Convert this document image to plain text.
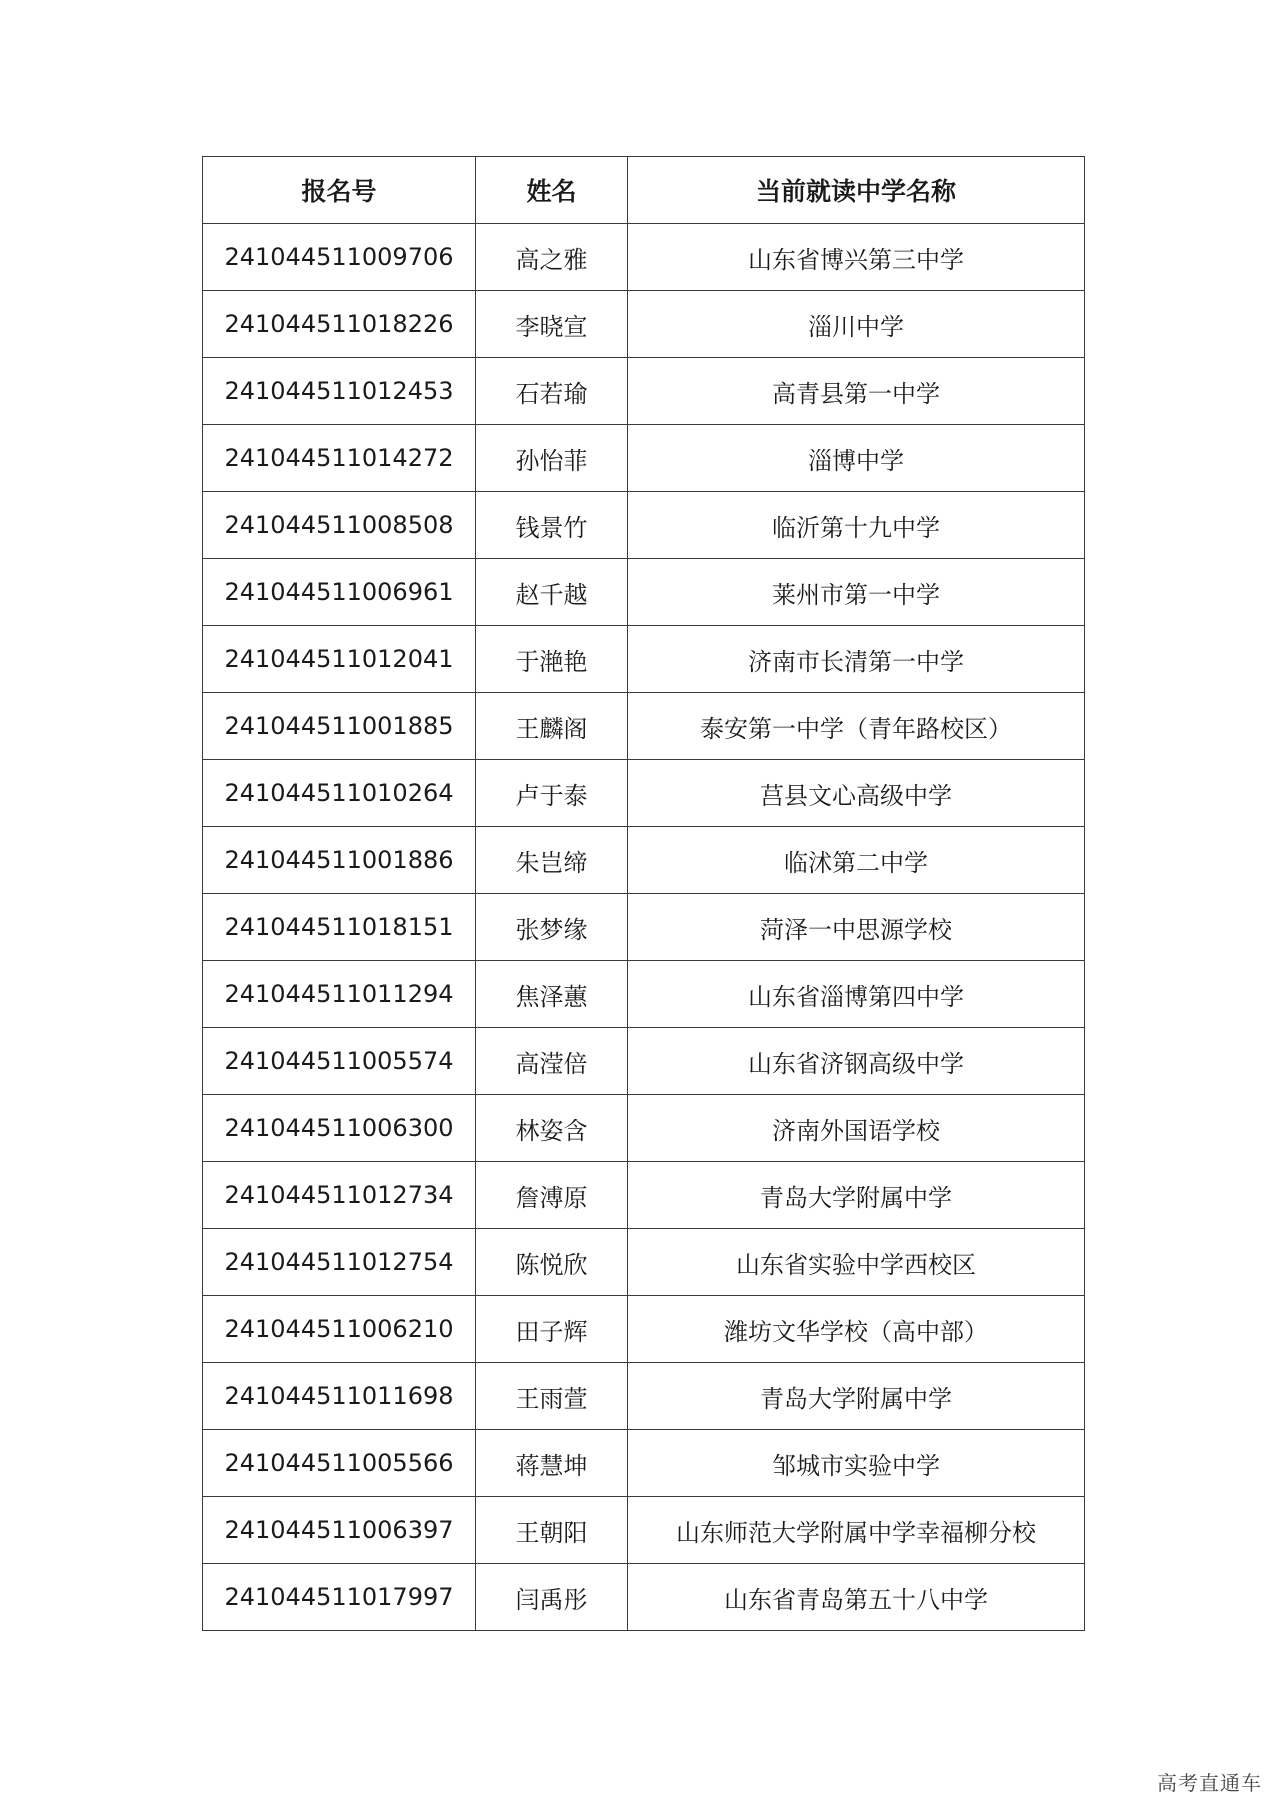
报名号	姓名	当前就读中学名称
241044511009706	高之雅	山东省博兴第三中学
241044511018226	李晓宣	淄川中学
241044511012453	石若瑜	高青县第一中学
241044511014272	孙怡菲	淄博中学
241044511008508	钱景竹	临沂第十九中学
241044511006961	赵千越	莱州市第一中学
241044511012041	于滟艳	济南市长清第一中学
241044511001885	王麟阁	泰安第一中学（青年路校区）
241044511010264	卢于泰	莒县文心高级中学
241044511001886	朱岂缔	临沭第二中学
241044511018151	张梦缘	菏泽一中思源学校
241044511011294	焦泽蕙	山东省淄博第四中学
241044511005574	高滢倍	山东省济钢高级中学
241044511006300	林姿含	济南外国语学校
241044511012734	詹溥原	青岛大学附属中学
241044511012754	陈悦欣	山东省实验中学西校区
241044511006210	田子辉	潍坊文华学校（高中部）
241044511011698	王雨萱	青岛大学附属中学
241044511005566	蒋慧坤	邹城市实验中学
241044511006397	王朝阳	山东师范大学附属中学幸福柳分校
241044511017997	闫禹彤	山东省青岛第五十八中学
高考直通车
